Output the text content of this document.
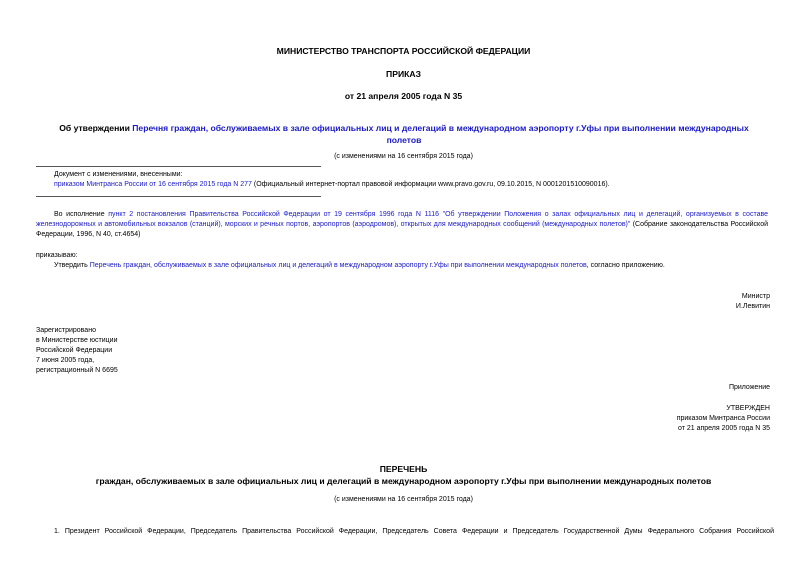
МИНИСТЕРСТВО ТРАНСПОРТА РОССИЙСКОЙ ФЕДЕРАЦИИ
ПРИКАЗ
от 21 апреля 2005 года N 35
Об утверждении Перечня граждан, обслуживаемых в зале официальных лиц и делегаций в международном аэропорту г.Уфы при выполнении международных полетов
(с изменениями на 16 сентября 2015 года)
Документ с изменениями, внесенными:
приказом Минтранса России от 16 сентября 2015 года N 277 (Официальный интернет-портал правовой информации www.pravo.gov.ru, 09.10.2015, N 0001201510090016).
Во исполнение пункт 2 постановления Правительства Российской Федерации от 19 сентября 1996 года N 1116 "Об утверждении Положения о залах официальных лиц и делегаций, организуемых в составе железнодорожных и автомобильных вокзалов (станций), морских и речных портов, аэропортов (аэродромов), открытых для международных сообщений (международных полетов)" (Собрание законодательства Российской Федерации, 1996, N 40, ст.4654)
приказываю:
Утвердить Перечень граждан, обслуживаемых в зале официальных лиц и делегаций в международном аэропорту г.Уфы при выполнении международных полетов, согласно приложению.
Министр
И.Левитин
Зарегистрировано
в Министерстве юстиции
Российской Федерации
7 июня 2005 года,
регистрационный N 6695
Приложение
УТВЕРЖДЕН
приказом Минтранса России
от 21 апреля 2005 года N 35
ПЕРЕЧЕНЬ
граждан, обслуживаемых в зале официальных лиц и делегаций в международном аэропорту г.Уфы при выполнении международных полетов
(с изменениями на 16 сентября 2015 года)
1. Президент Российской Федерации, Председатель Правительства Российской Федерации, Председатель Совета Федерации и Председатель Государственной Думы Федерального Собрания Российской
